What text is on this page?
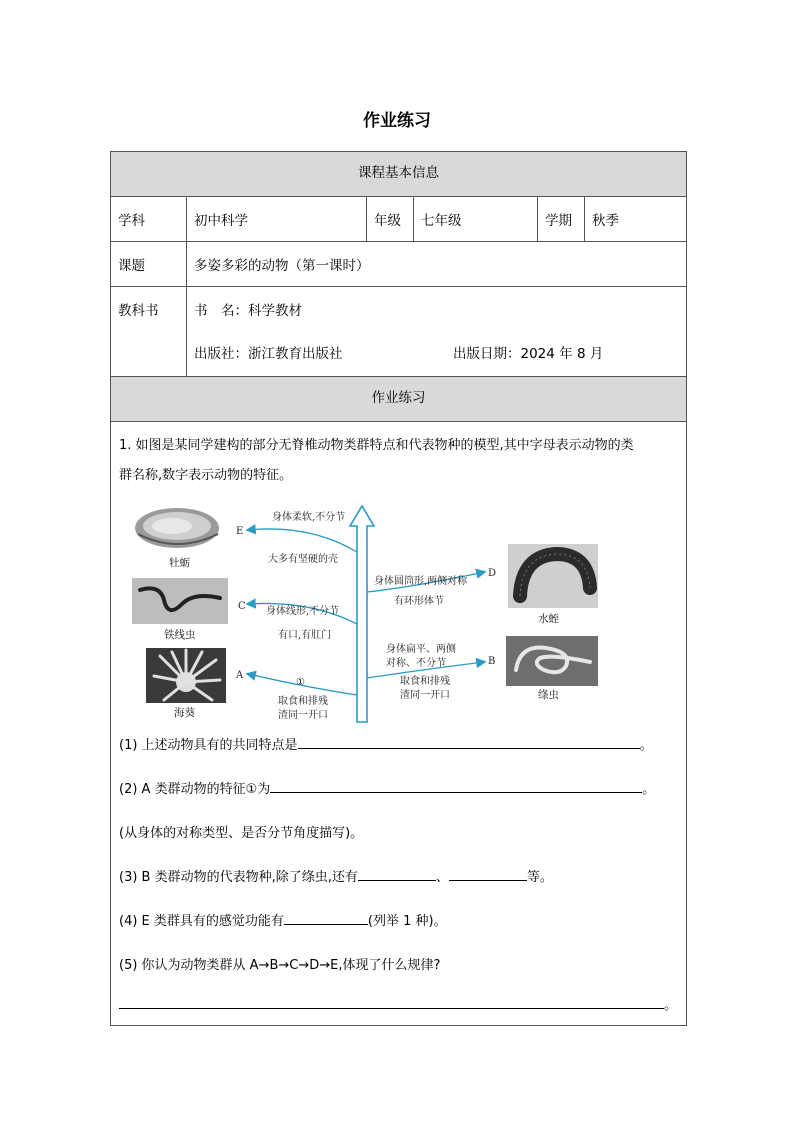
作业练习
课程基本信息
学科	初中科学	年级 七年级	学期 秋季
课题	多姿多彩的动物（第一课时）
教科书	书　名：科学教材
出版社：浙江教育出版社	出版日期：2024 年 8 月
作业练习
1. 如图是某同学建构的部分无脊椎动物类群特点和代表物种的模型,其中字母表示动物的类
群名称,数字表示动物的特征。
(1) 上述动物具有的共同特点是	。
(2) A 类群动物的特征①为	。
(从身体的对称类型、是否分节角度描写)。
(3) B 类群动物的代表物种,除了绦虫,还有	、	等。
(4) E 类群具有的感觉功能有	(列举 1 种)。
(5) 你认为动物类群从 A→B→C→D→E,体现了什么规律?
。
身体柔软,不分节
大多有坚硬的壳
身体线形,不分节
有口,有肛门
①
取食和排残
渣同一开口
身体圆筒形,两侧对称
有环形体节
身体扁平、两侧
对称、不分节
取食和排残
渣同一开口
E
C
A
D
B
牡蛎
铁线虫
海葵
水蛭
绦虫
